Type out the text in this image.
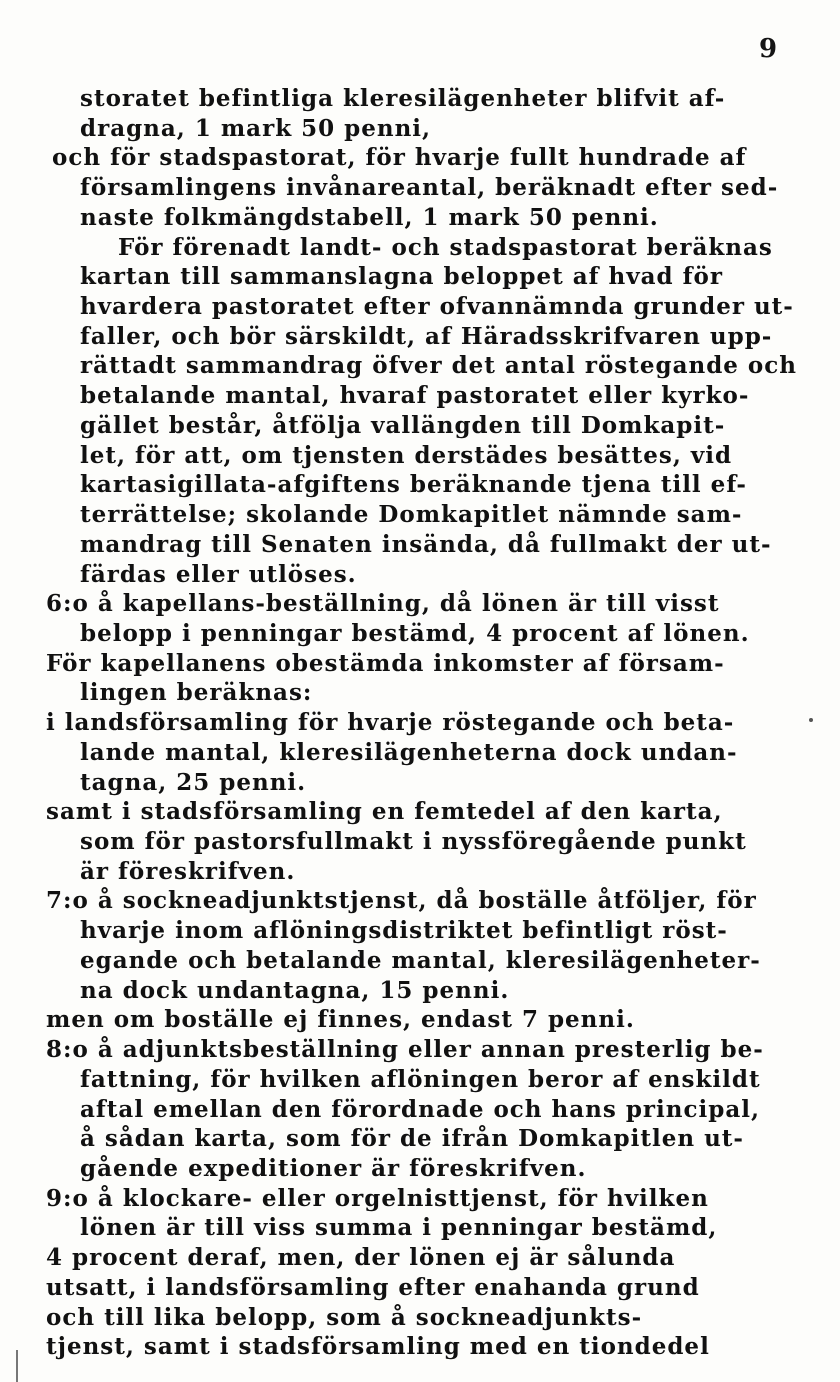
9
storatet befintliga kleresilägenheter blifvit af-
dragna, 1 mark 50 penni,
och för stadspastorat, för hvarje fullt hundrade af
församlingens invånareantal, beräknadt efter sed-
naste folkmängdstabell, 1 mark 50 penni.
För förenadt landt- och stadspastorat beräknas
kartan till sammanslagna beloppet af hvad för
hvardera pastoratet efter ofvannämnda grunder ut-
faller, och bör särskildt, af Häradsskrifvaren upp-
rättadt sammandrag öfver det antal röstegande och
betalande mantal, hvaraf pastoratet eller kyrko-
gället består, åtfölja vallängden till Domkapit-
let, för att, om tjensten derstädes besättes, vid
kartasigillata-afgiftens beräknande tjena till ef-
terrättelse; skolande Domkapitlet nämnde sam-
mandrag till Senaten insända, då fullmakt der ut-
färdas eller utlöses.
6:o å kapellans-beställning, då lönen är till visst
belopp i penningar bestämd, 4 procent af lönen.
För kapellanens obestämda inkomster af försam-
lingen beräknas:
i landsförsamling för hvarje röstegande och beta-
lande mantal, kleresilägenheterna dock undan-
tagna, 25 penni.
samt i stadsförsamling en femtedel af den karta,
som för pastorsfullmakt i nyssföregående punkt
är föreskrifven.
7:o å sockneadjunktstjenst, då boställe åtföljer, för
hvarje inom aflöningsdistriktet befintligt röst-
egande och betalande mantal, kleresilägenheter-
na dock undantagna, 15 penni.
men om boställe ej finnes, endast 7 penni.
8:o å adjunktsbeställning eller annan presterlig be-
fattning, för hvilken aflöningen beror af enskildt
aftal emellan den förordnade och hans principal,
å sådan karta, som för de ifrån Domkapitlen ut-
gående expeditioner är föreskrifven.
9:o å klockare- eller orgelnisttjenst, för hvilken
lönen är till viss summa i penningar bestämd,
4 procent deraf, men, der lönen ej är sålunda
utsatt, i landsförsamling efter enahanda grund
och till lika belopp, som å sockneadjunkts-
tjenst, samt i stadsförsamling med en tiondedel
